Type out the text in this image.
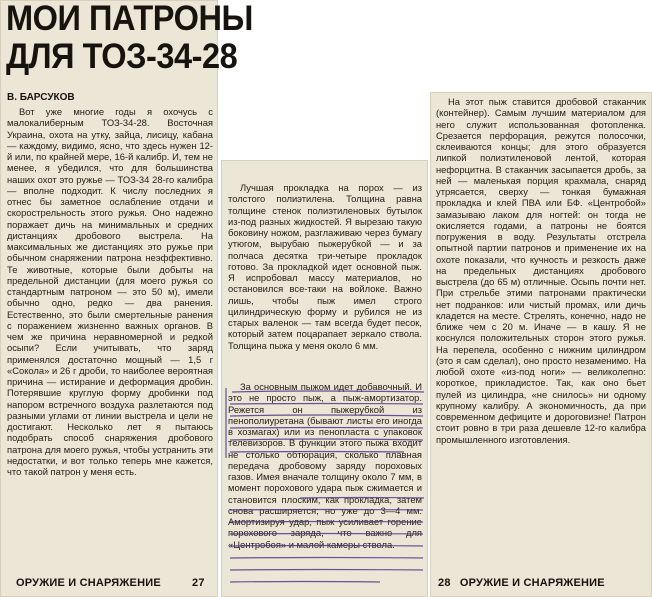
МОИ ПАТРОНЫ
ДЛЯ ТОЗ-34-28
В. БАРСУКОВ

Вот уже многие годы я охочусь с малокалиберным ТОЗ-34-28. Восточная Украина, охота на утку, зайца, лисицу, кабана — каждому, видимо, ясно, что здесь нужен 12-й или, по крайней мере, 16-й калибр. И, тем не менее, я убедился, что для большинства наших охот это ружье — ТОЗ-34 28-го калибра — вполне подходит. К числу последних я отнес бы заметное ослабление отдачи и скорострельность этого ружья. Оно надежно поражает дичь на минимальных и средних дистанциях дробового выстрела. На максимальных же дистанциях это ружье при обычном снаряжении патрона неэффективно. Те животные, которые были добыты на предельной дистанции (для моего ружья со стандартным патроном — это 50 м), имели обычно одно, редко — два ранения. Естественно, это были смертельные ранения с поражением жизненно важных органов. В чем же причина неравномерной и редкой осыпи? Если учитывать, что заряд применялся достаточно мощный — 1,5 г «Сокола» и 26 г дроби, то наиболее вероятная причина — истирание и деформация дробин. Потерявшие круглую форму дробинки под напором встречного воздуха разлетаются под разными углами от линии выстрела и цели не достигают. Несколько лет я пытаюсь подобрать способ снаряжения дробового патрона для моего ружья, чтобы устранить эти недостатки, и вот только теперь мне кажется, что такой патрон у меня есть.

ОРУЖИЕ И СНАРЯЖЕНИЕ	27

Лучшая прокладка на порох — из толстого полиэтилена. Толщина равна толщине стенок полиэтиленовых бутылок из-под разных жидкостей. Я вырезаю такую боковину ножом, разглаживаю через бумагу утюгом, вырубаю пыжерубкой — и за полчаса десятка три-четыре прокладок готово. За прокладкой идет основной пыж. Я испробовал массу материалов, но остановился все-таки на войлоке. Важно лишь, чтобы пыж имел строго цилиндрическую форму и рубился не из старых валенок — там всегда будет песок, который затем поцарапает зеркало ствола. Толщина пыжа у меня около 6 мм.

За основным пыжом идет добавочный. И это не просто пыж, а пыж-амортизатор. Режется он пыжерубкой из пенополиуретана (бывают листы его иногда в хозмагах) или из пенопласта с упаковок телевизоров. В функции этого пыжа входит не столько обтюрация, сколько плавная передача дробовому заряду пороховых газов. Имея вначале толщину около 7 мм, в момент порохового удара пыж сжимается и становится плоским, как прокладка, затем снова расширяется, но уже до 3—4 мм. Амортизируя удар, пыж усиливает горение порохового заряда, что важно для «Центробоя» и малой камеры ствола.

На этот пыж ставится дробовой стаканчик (контейнер). Самым лучшим материалом для него служит использованная фотопленка. Срезается перфорация, режутся полосочки, склеиваются концы; для этого образуется липкой полиэтиленовой лентой, которая нефорцитна. В стаканчик засыпается дробь, за ней — маленькая порция крахмала, снаряд утрясается, сверху — тонкая бумажная прокладка и клей ПВА или БФ. «Центробой» замазываю лаком для ногтей: он тогда не окисляется годами, а патроны не боятся погружения в воду. Результаты отстрела опытной партии патронов и применение их на охоте показали, что кучность и резкость даже на предельных дистанциях дробового выстрела (до 65 м) отличные. Осыпь почти нет. При стрельбе этими патронами практически нет подранков: или чистый промах, или дичь кладется на месте. Стрелять, конечно, надо не ближе чем с 20 м. Иначе — в кашу. Я не коснулся положительных сторон этого ружья. На перепела, особенно с нижним цилиндром (это я сам сделал), оно просто незаменимо. На любой охоте «из-под ноги» — великолепно: короткое, прикладистое. Так, как оно бьет пулей из цилиндра, «не снилось» ни одному крупному калибру. А экономичность, да при современном дефиците и дороговизне! Патрон стоит ровно в три раза дешевле 12-го калибра промышленного изготовления.

28 ОРУЖИЕ И СНАРЯЖЕНИЕ
